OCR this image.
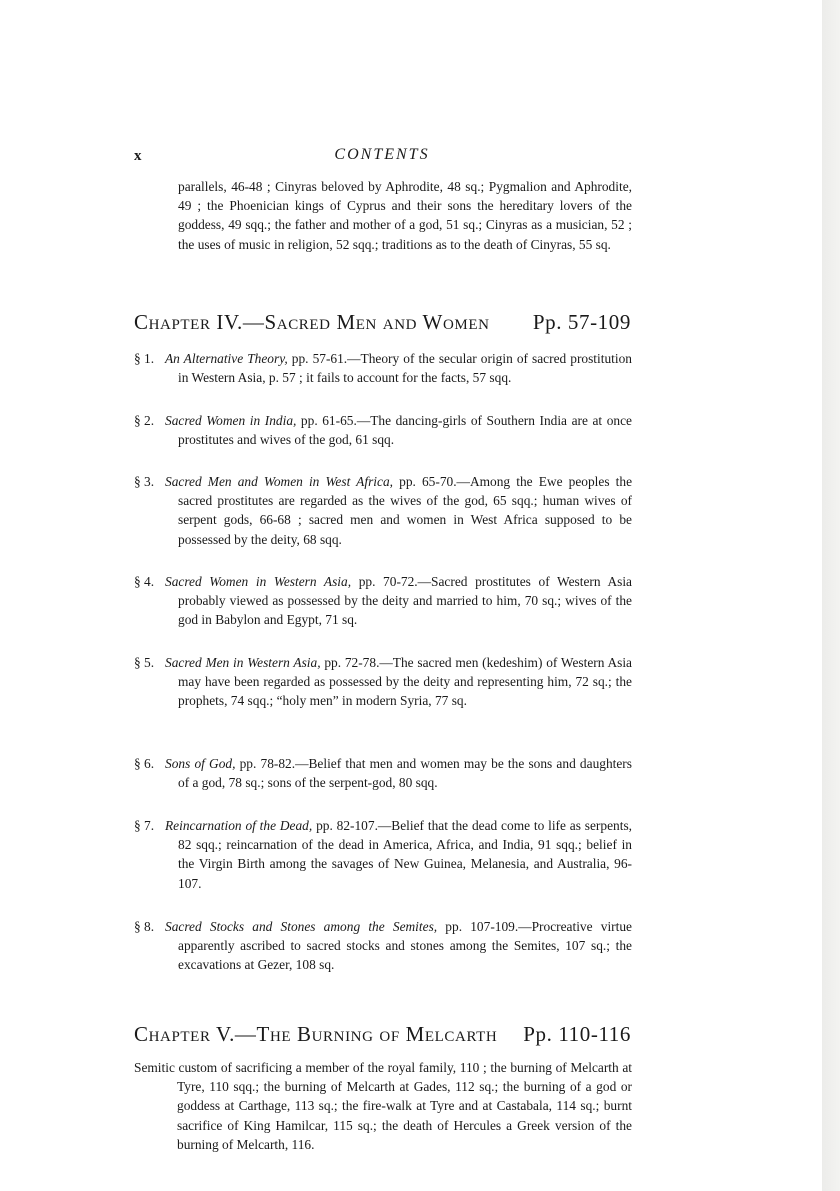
x	CONTENTS
parallels, 46-48 ; Cinyras beloved by Aphrodite, 48 sq.; Pygmalion and Aphrodite, 49 ; the Phoenician kings of Cyprus and their sons the hereditary lovers of the goddess, 49 sqq.; the father and mother of a god, 51 sq.; Cinyras as a musician, 52 ; the uses of music in religion, 52 sqq.; traditions as to the death of Cinyras, 55 sq.
Chapter IV.—Sacred Men and Women Pp. 57-109
§ 1. An Alternative Theory, pp. 57-61.—Theory of the secular origin of sacred prostitution in Western Asia, p. 57 ; it fails to account for the facts, 57 sqq.
§ 2. Sacred Women in India, pp. 61-65.—The dancing-girls of Southern India are at once prostitutes and wives of the god, 61 sqq.
§ 3. Sacred Men and Women in West Africa, pp. 65-70.—Among the Ewe peoples the sacred prostitutes are regarded as the wives of the god, 65 sqq.; human wives of serpent gods, 66-68 ; sacred men and women in West Africa supposed to be possessed by the deity, 68 sqq.
§ 4. Sacred Women in Western Asia, pp. 70-72.—Sacred prostitutes of Western Asia probably viewed as possessed by the deity and married to him, 70 sq.; wives of the god in Babylon and Egypt, 71 sq.
§ 5. Sacred Men in Western Asia, pp. 72-78.—The sacred men (kedeshim) of Western Asia may have been regarded as possessed by the deity and representing him, 72 sq.; the prophets, 74 sqq.; “holy men” in modern Syria, 77 sq.
§ 6. Sons of God, pp. 78-82.—Belief that men and women may be the sons and daughters of a god, 78 sq.; sons of the serpent-god, 80 sqq.
§ 7. Reincarnation of the Dead, pp. 82-107.—Belief that the dead come to life as serpents, 82 sqq.; reincarnation of the dead in America, Africa, and India, 91 sqq.; belief in the Virgin Birth among the savages of New Guinea, Melanesia, and Australia, 96-107.
§ 8. Sacred Stocks and Stones among the Semites, pp. 107-109.—Procreative virtue apparently ascribed to sacred stocks and stones among the Semites, 107 sq.; the excavations at Gezer, 108 sq.
Chapter V.—The Burning of Melcarth Pp. 110-116
Semitic custom of sacrificing a member of the royal family, 110 ; the burning of Melcarth at Tyre, 110 sqq.; the burning of Melcarth at Gades, 112 sq.; the burning of a god or goddess at Carthage, 113 sq.; the fire-walk at Tyre and at Castabala, 114 sq.; burnt sacrifice of King Hamilcar, 115 sq.; the death of Hercules a Greek version of the burning of Melcarth, 116.
